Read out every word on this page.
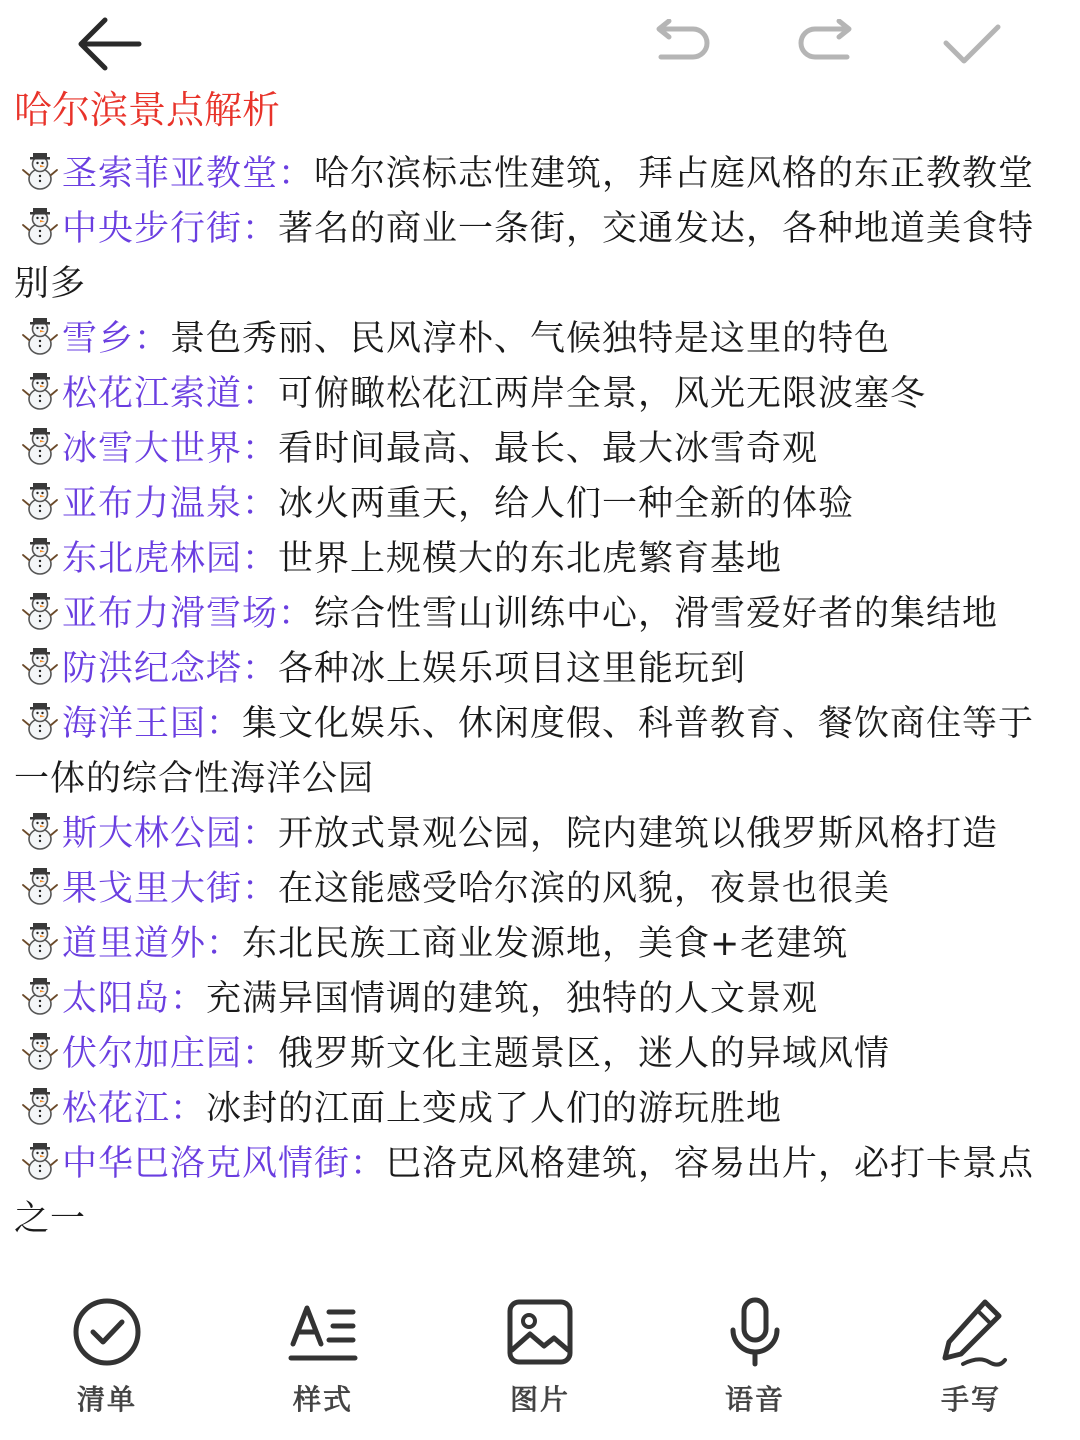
哈尔滨景点解析
圣索菲亚教堂：哈尔滨标志性建筑，拜占庭风格的东正教教堂
中央步行街：著名的商业一条街，交通发达，各种地道美食特别多
雪乡：景色秀丽、民风淳朴、气候独特是这里的特色
松花江索道：可俯瞰松花江两岸全景，风光无限波塞冬
冰雪大世界：看时间最高、最长、最大冰雪奇观
亚布力温泉：冰火两重天，给人们一种全新的体验
东北虎林园：世界上规模大的东北虎繁育基地
亚布力滑雪场：综合性雪山训练中心，滑雪爱好者的集结地
防洪纪念塔：各种冰上娱乐项目这里能玩到
海洋王国：集文化娱乐、休闲度假、科普教育、餐饮商住等于一体的综合性海洋公园
斯大林公园：开放式景观公园，院内建筑以俄罗斯风格打造
果戈里大街：在这能感受哈尔滨的风貌，夜景也很美
道里道外：东北民族工商业发源地，美食+老建筑
太阳岛：充满异国情调的建筑，独特的人文景观
伏尔加庄园：俄罗斯文化主题景区，迷人的异域风情
松花江：冰封的江面上变成了人们的游玩胜地
中华巴洛克风情街：巴洛克风格建筑，容易出片，必打卡景点之一
清单	样式	图片	语音	手写
